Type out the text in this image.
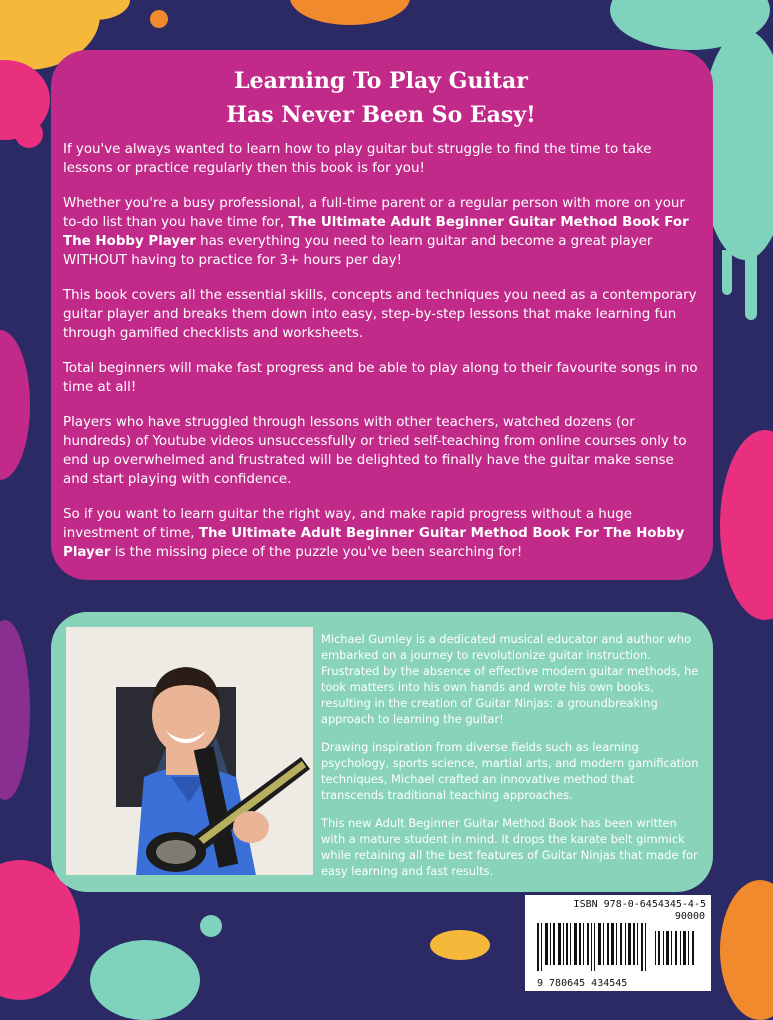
Learning To Play Guitar
Has Never Been So Easy!

If you've always wanted to learn how to play guitar but struggle to find the time to take lessons or practice regularly then this book is for you!

Whether you're a busy professional, a full-time parent or a regular person with more on your to-do list than you have time for, The Ultimate Adult Beginner Guitar Method Book For The Hobby Player has everything you need to learn guitar and become a great player WITHOUT having to practice for 3+ hours per day!

This book covers all the essential skills, concepts and techniques you need as a contemporary guitar player and breaks them down into easy, step-by-step lessons that make learning fun through gamified checklists and worksheets.

Total beginners will make fast progress and be able to play along to their favourite songs in no time at all!

Players who have struggled through lessons with other teachers, watched dozens (or hundreds) of Youtube videos unsuccessfully or tried self-teaching from online courses only to end up overwhelmed and frustrated will be delighted to finally have the guitar make sense and start playing with confidence.

So if you want to learn guitar the right way, and make rapid progress without a huge investment of time, The Ultimate Adult Beginner Guitar Method Book For The Hobby Player is the missing piece of the puzzle you've been searching for!

Michael Gumley is a dedicated musical educator and author who embarked on a journey to revolutionize guitar instruction. Frustrated by the absence of effective modern guitar methods, he took matters into his own hands and wrote his own books, resulting in the creation of Guitar Ninjas: a groundbreaking approach to learning the guitar!

Drawing inspiration from diverse fields such as learning psychology, sports science, martial arts, and modern gamification techniques, Michael crafted an innovative method that transcends traditional teaching approaches.

This new Adult Beginner Guitar Method Book has been written with a mature student in mind. It drops the karate belt gimmick while retaining all the best features of Guitar Ninjas that made for easy learning and fast results.

ISBN 978-0-6454345-4-5
90000
9 780645 434545
